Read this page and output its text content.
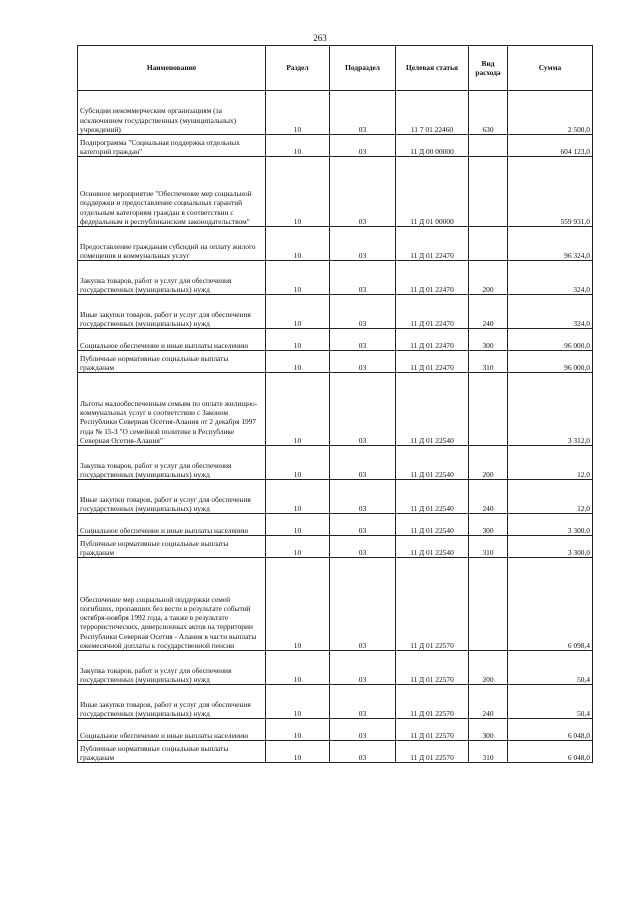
263
Наименование	Раздел	Подраздел	Целевая статья	Вид расхода	Сумма
Субсидии некоммерческим организациям (за исключением государственных (муниципальных) учреждений)	10	03	11 7 01 22460	630	2 500,0
Подпрограмма "Социальная поддержка отдельных категорий граждан"	10	03	11 Д 00 00000		604 123,0
Основное мероприятие "Обеспечение мер социальной поддержки и предоставление социальных гарантий отдельным категориям граждан в соответствии с федеральным и республиканским законодательством"	10	03	11 Д 01 00000		559 931,0
Предоставление гражданам субсидий на оплату жилого помещения и коммунальных услуг	10	03	11 Д 01 22470		96 324,0
Закупка товаров, работ и услуг для обеспечения государственных (муниципальных) нужд	10	03	11 Д 01 22470	200	324,0
Иные закупки товаров, работ и услуг для обеспечения государственных (муниципальных) нужд	10	03	11 Д 01 22470	240	324,0
Социальное обеспечение и иные выплаты населению	10	03	11 Д 01 22470	300	96 000,0
Публичные нормативные социальные выплаты гражданам	10	03	11 Д 01 22470	310	96 000,0
Льготы малообеспеченным семьям по оплате жилищно-коммунальных услуг в соответствии с Законом Республики Северная Осетия-Алания от 2 декабря 1997 года № 15-З "О семейной политике в Республике Северная Осетия-Алания"	10	03	11 Д 01 22540		3 312,0
Закупка товаров, работ и услуг для обеспечения государственных (муниципальных) нужд	10	03	11 Д 01 22540	200	12,0
Иные закупки товаров, работ и услуг для обеспечения государственных (муниципальных) нужд	10	03	11 Д 01 22540	240	12,0
Социальное обеспечение и иные выплаты населению	10	03	11 Д 01 22540	300	3 300,0
Публичные нормативные социальные выплаты гражданам	10	03	11 Д 01 22540	310	3 300,0
Обеспечение мер социальной поддержки семей погибших, пропавших без вести в результате событий октября-ноября 1992 года, а также в результате террористических, диверсионных актов на территории Республики Северная Осетия - Алания в части выплаты ежемесячной доплаты к государственной пенсии	10	03	11 Д 01 22570		6 098,4
Закупка товаров, работ и услуг для обеспечения государственных (муниципальных) нужд	10	03	11 Д 01 22570	200	50,4
Иные закупки товаров, работ и услуг для обеспечения государственных (муниципальных) нужд	10	03	11 Д 01 22570	240	50,4
Социальное обеспечение и иные выплаты населению	10	03	11 Д 01 22570	300	6 048,0
Публичные нормативные социальные выплаты гражданам	10	03	11 Д 01 22570	310	6 048,0
